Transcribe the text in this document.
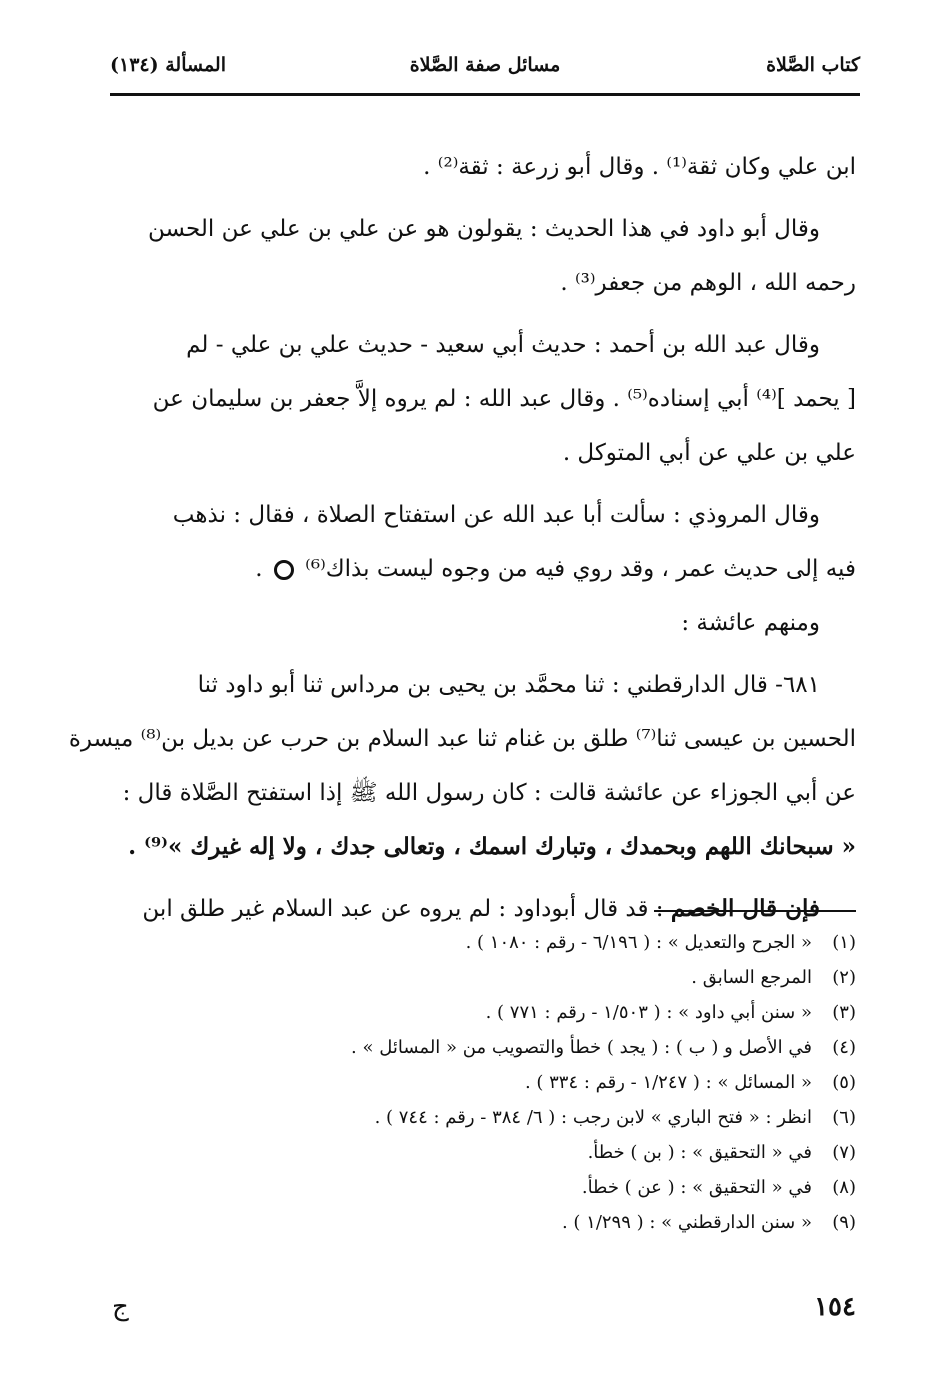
كتاب الصَّلاة
مسائل صفة الصَّلاة
المسألة (١٣٤)

ابن علي وكان ثقة⁽¹⁾ . وقال أبو زرعة : ثقة⁽²⁾ .

وقال أبو داود في هذا الحديث : يقولون هو عن علي بن علي عن الحسن
رحمه الله ، الوهم من جعفر⁽³⁾ .

وقال عبد الله بن أحمد : حديث أبي سعيد - حديث علي بن علي - لم
[ يحمد ]⁽⁴⁾ أبي إسناده⁽⁵⁾ . وقال عبد الله : لم يروه إلاَّ جعفر بن سليمان عن
علي بن علي عن أبي المتوكل .

وقال المروذي : سألت أبا عبد الله عن استفتاح الصلاة ، فقال : نذهب
فيه إلى حديث عمر ، وقد روي فيه من وجوه ليست بذاك⁽⁶⁾  .
ومنهم عائشة :

٦٨١- قال الدارقطني : ثنا محمَّد بن يحيى بن مرداس ثنا أبو داود ثنا
الحسين بن عيسى ثنا⁽⁷⁾ طلق بن غنام ثنا عبد السلام بن حرب عن بديل بن⁽⁸⁾ ميسرة
عن أبي الجوزاء عن عائشة قالت : كان رسول الله ﷺ إذا استفتح الصَّلاة قال :
« سبحانك اللهم وبحمدك ، وتبارك اسمك ، وتعالى جدك ، ولا إله غيرك »⁽⁹⁾ .

فإن قال الخصم : قد قال أبوداود : لم يروه عن عبد السلام غير طلق ابن

(١)« الجرح والتعديل » : ( ٦/١٩٦ - رقم : ١٠٨٠ ) .
(٢)المرجع السابق .
(٣)« سنن أبي داود » : ( ١/٥٠٣ - رقم : ٧٧١ ) .
(٤)في الأصل و ( ب ) : ( يجد ) خطأ والتصويب من « المسائل » .
(٥)« المسائل » : ( ١/٢٤٧ - رقم : ٣٣٤ ) .
(٦)انظر : « فتح الباري » لابن رجب : ( ٦/ ٣٨٤ - رقم : ٧٤٤ ) .
(٧)في « التحقيق » : ( بن ) خطأ.
(٨)في « التحقيق » : ( عن ) خطأ.
(٩)« سنن الدارقطني » : ( ١/٢٩٩ ) .
١٥٤
ج
